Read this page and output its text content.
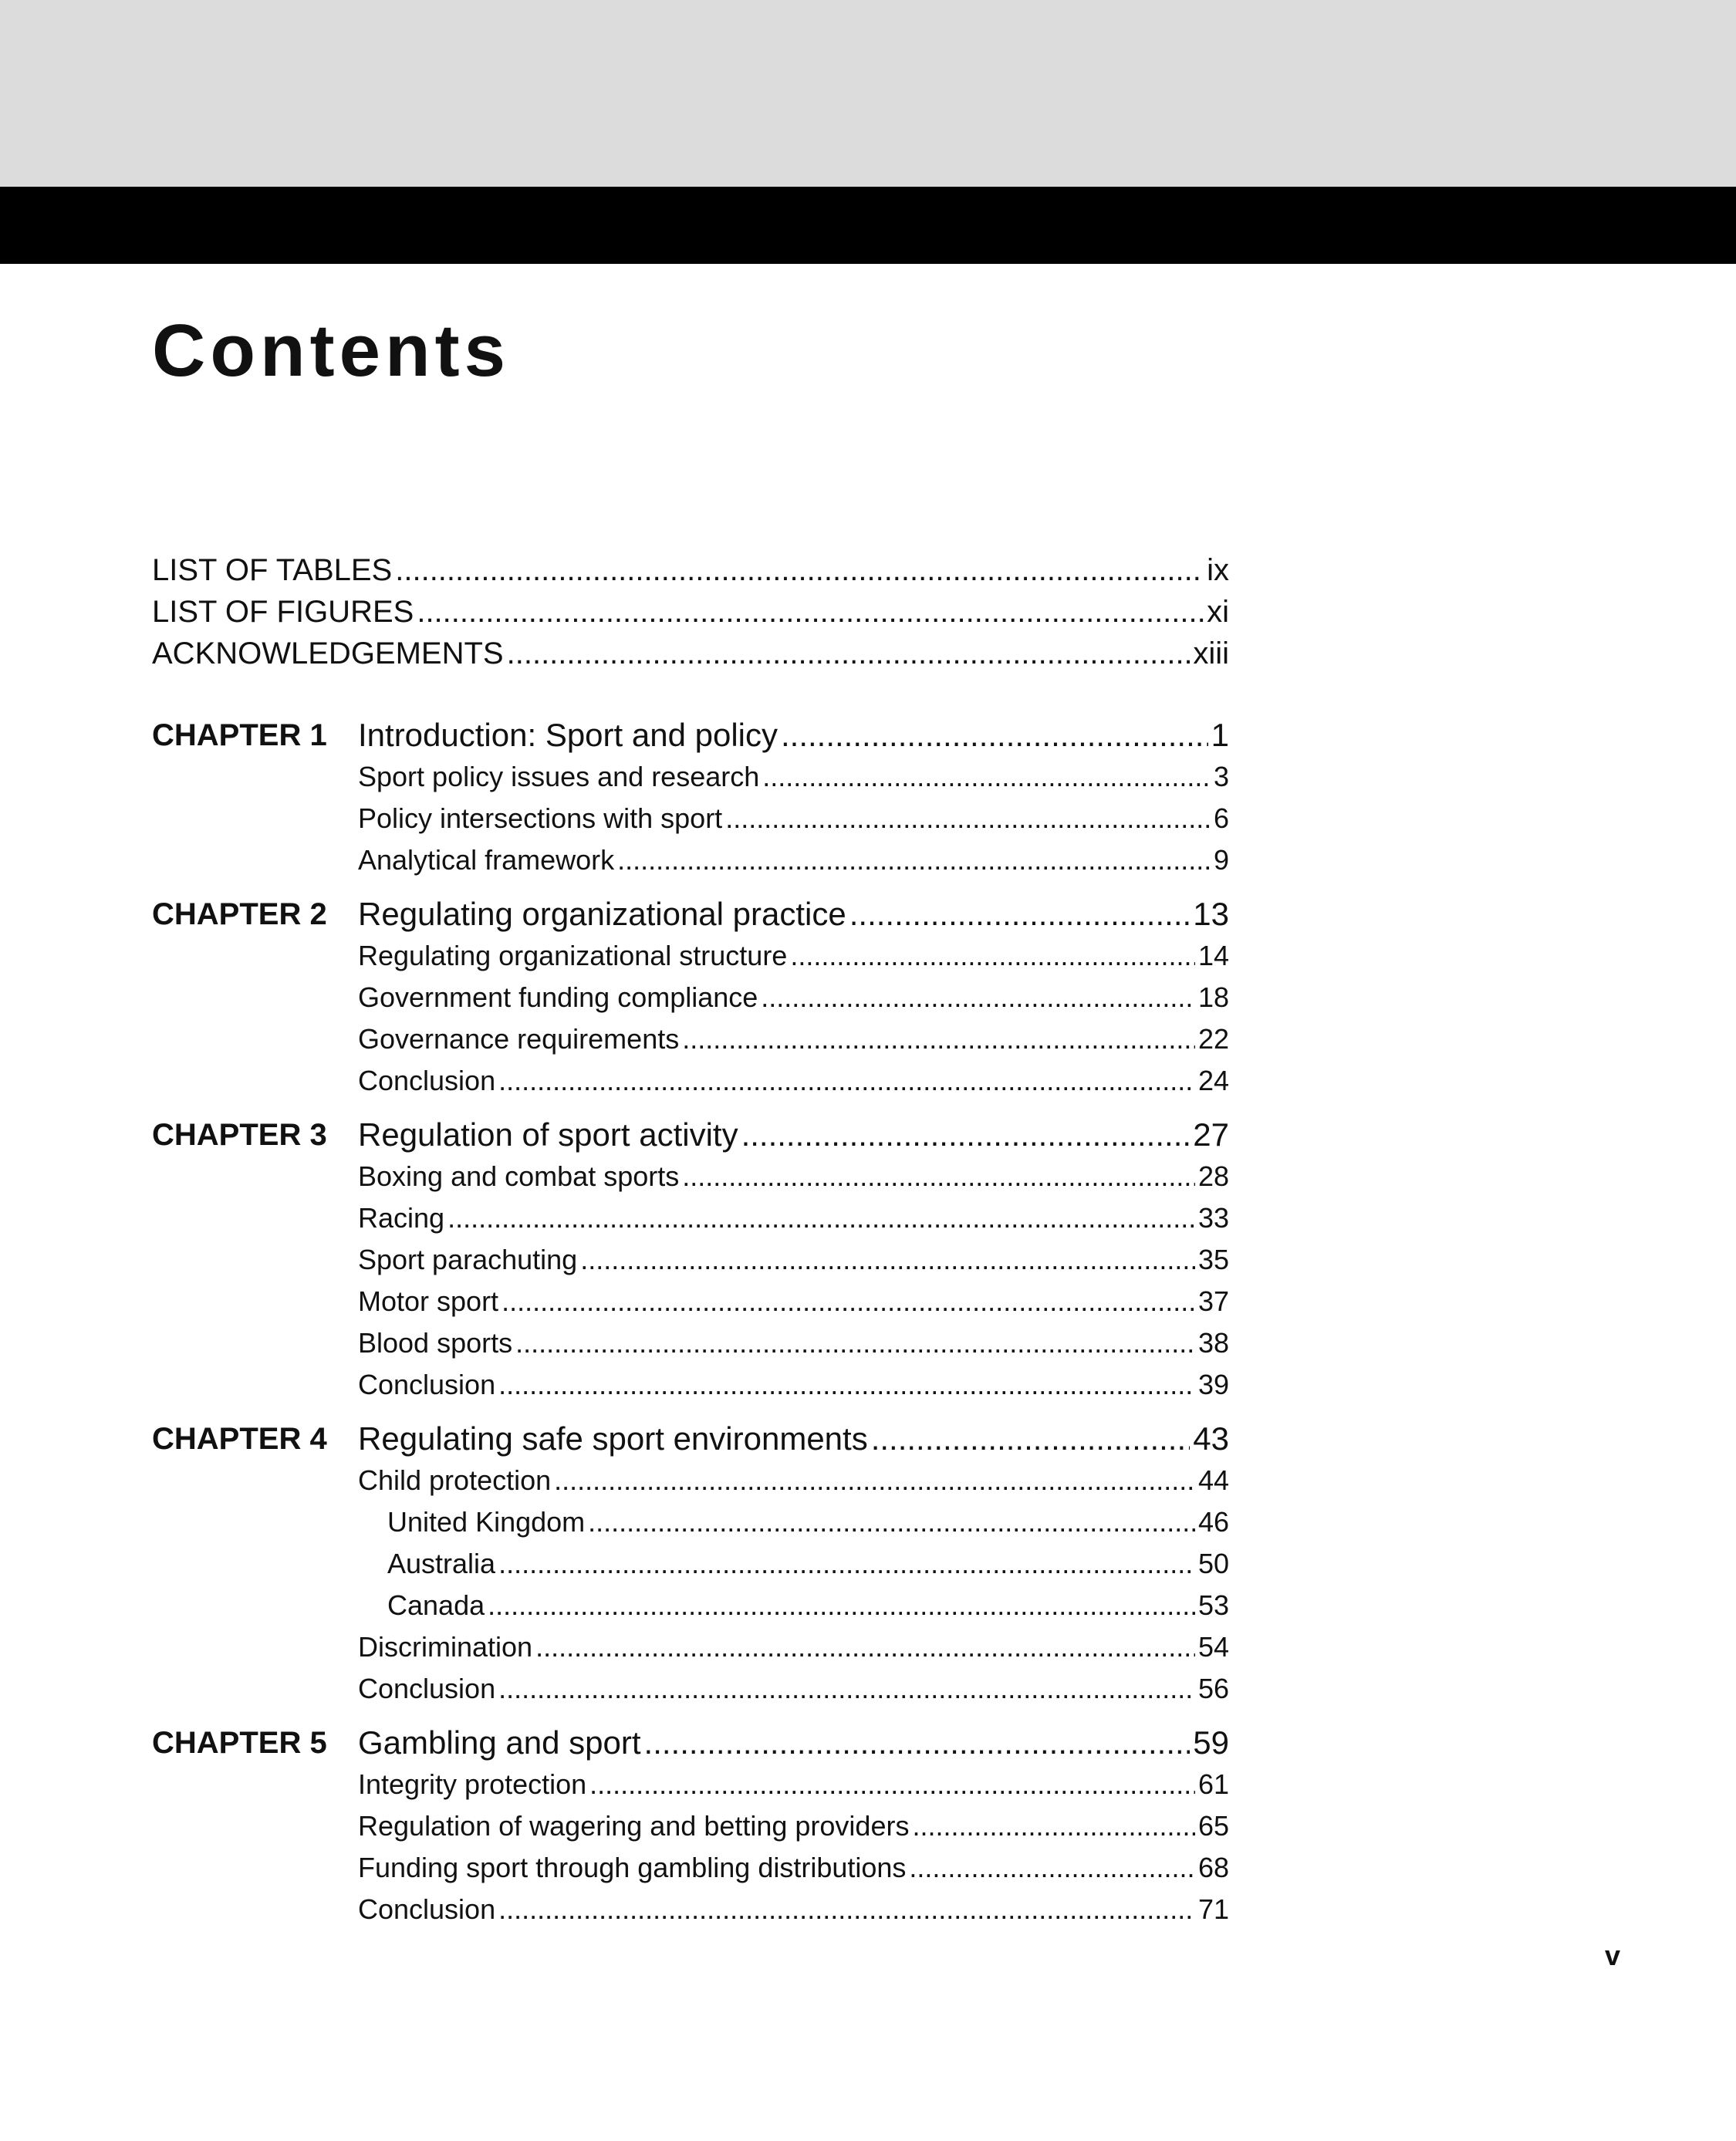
Contents
LIST OF TABLES .....	ix
LIST OF FIGURES .....	xi
ACKNOWLEDGEMENTS .....	xiii
CHAPTER 1 Introduction: Sport and policy .....	1
Sport policy issues and research .....	3
Policy intersections with sport .....	6
Analytical framework .....	9
CHAPTER 2 Regulating organizational practice .....	13
Regulating organizational structure .....	14
Government funding compliance .....	18
Governance requirements .....	22
Conclusion .....	24
CHAPTER 3 Regulation of sport activity .....	27
Boxing and combat sports .....	28
Racing .....	33
Sport parachuting .....	35
Motor sport .....	37
Blood sports .....	38
Conclusion .....	39
CHAPTER 4 Regulating safe sport environments .....	43
Child protection .....	44
United Kingdom .....	46
Australia .....	50
Canada .....	53
Discrimination .....	54
Conclusion .....	56
CHAPTER 5 Gambling and sport .....	59
Integrity protection .....	61
Regulation of wagering and betting providers .....	65
Funding sport through gambling distributions .....	68
Conclusion .....	71
v
